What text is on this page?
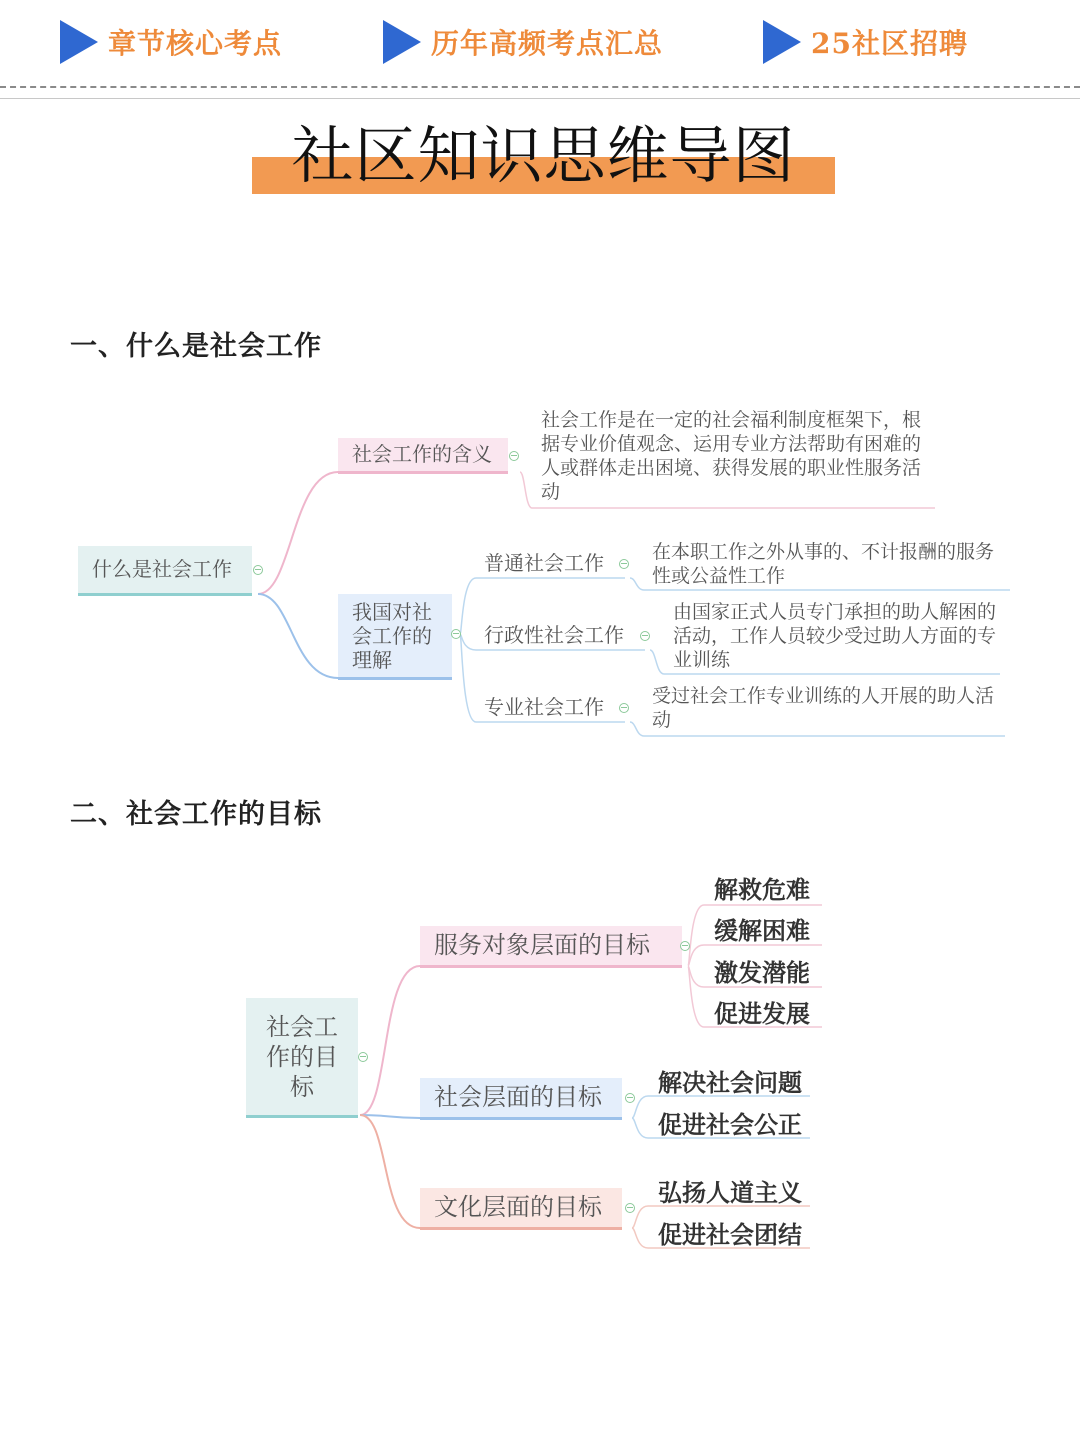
章节核心考点	历年高频考点汇总	25社区招聘
社区知识思维导图
一、什么是社会工作
什么是社会工作
社会工作的含义
社会工作是在一定的社会福利制度框架下，根据专业价值观念、运用专业方法帮助有困难的人或群体走出困境、获得发展的职业性服务活动
我国对社会工作的理解
普通社会工作	在本职工作之外从事的、不计报酬的服务性或公益性工作
行政性社会工作
由国家正式人员专门承担的助人解困的活动，工作人员较少受过助人方面的专业训练
专业社会工作	受过社会工作专业训练的人开展的助人活动
二、社会工作的目标
社会工作的目标
服务对象层面的目标
解救危难
缓解困难
激发潜能
促进发展
社会层面的目标 解决社会问题
促进社会公正
文化层面的目标 弘扬人道主义
促进社会团结
